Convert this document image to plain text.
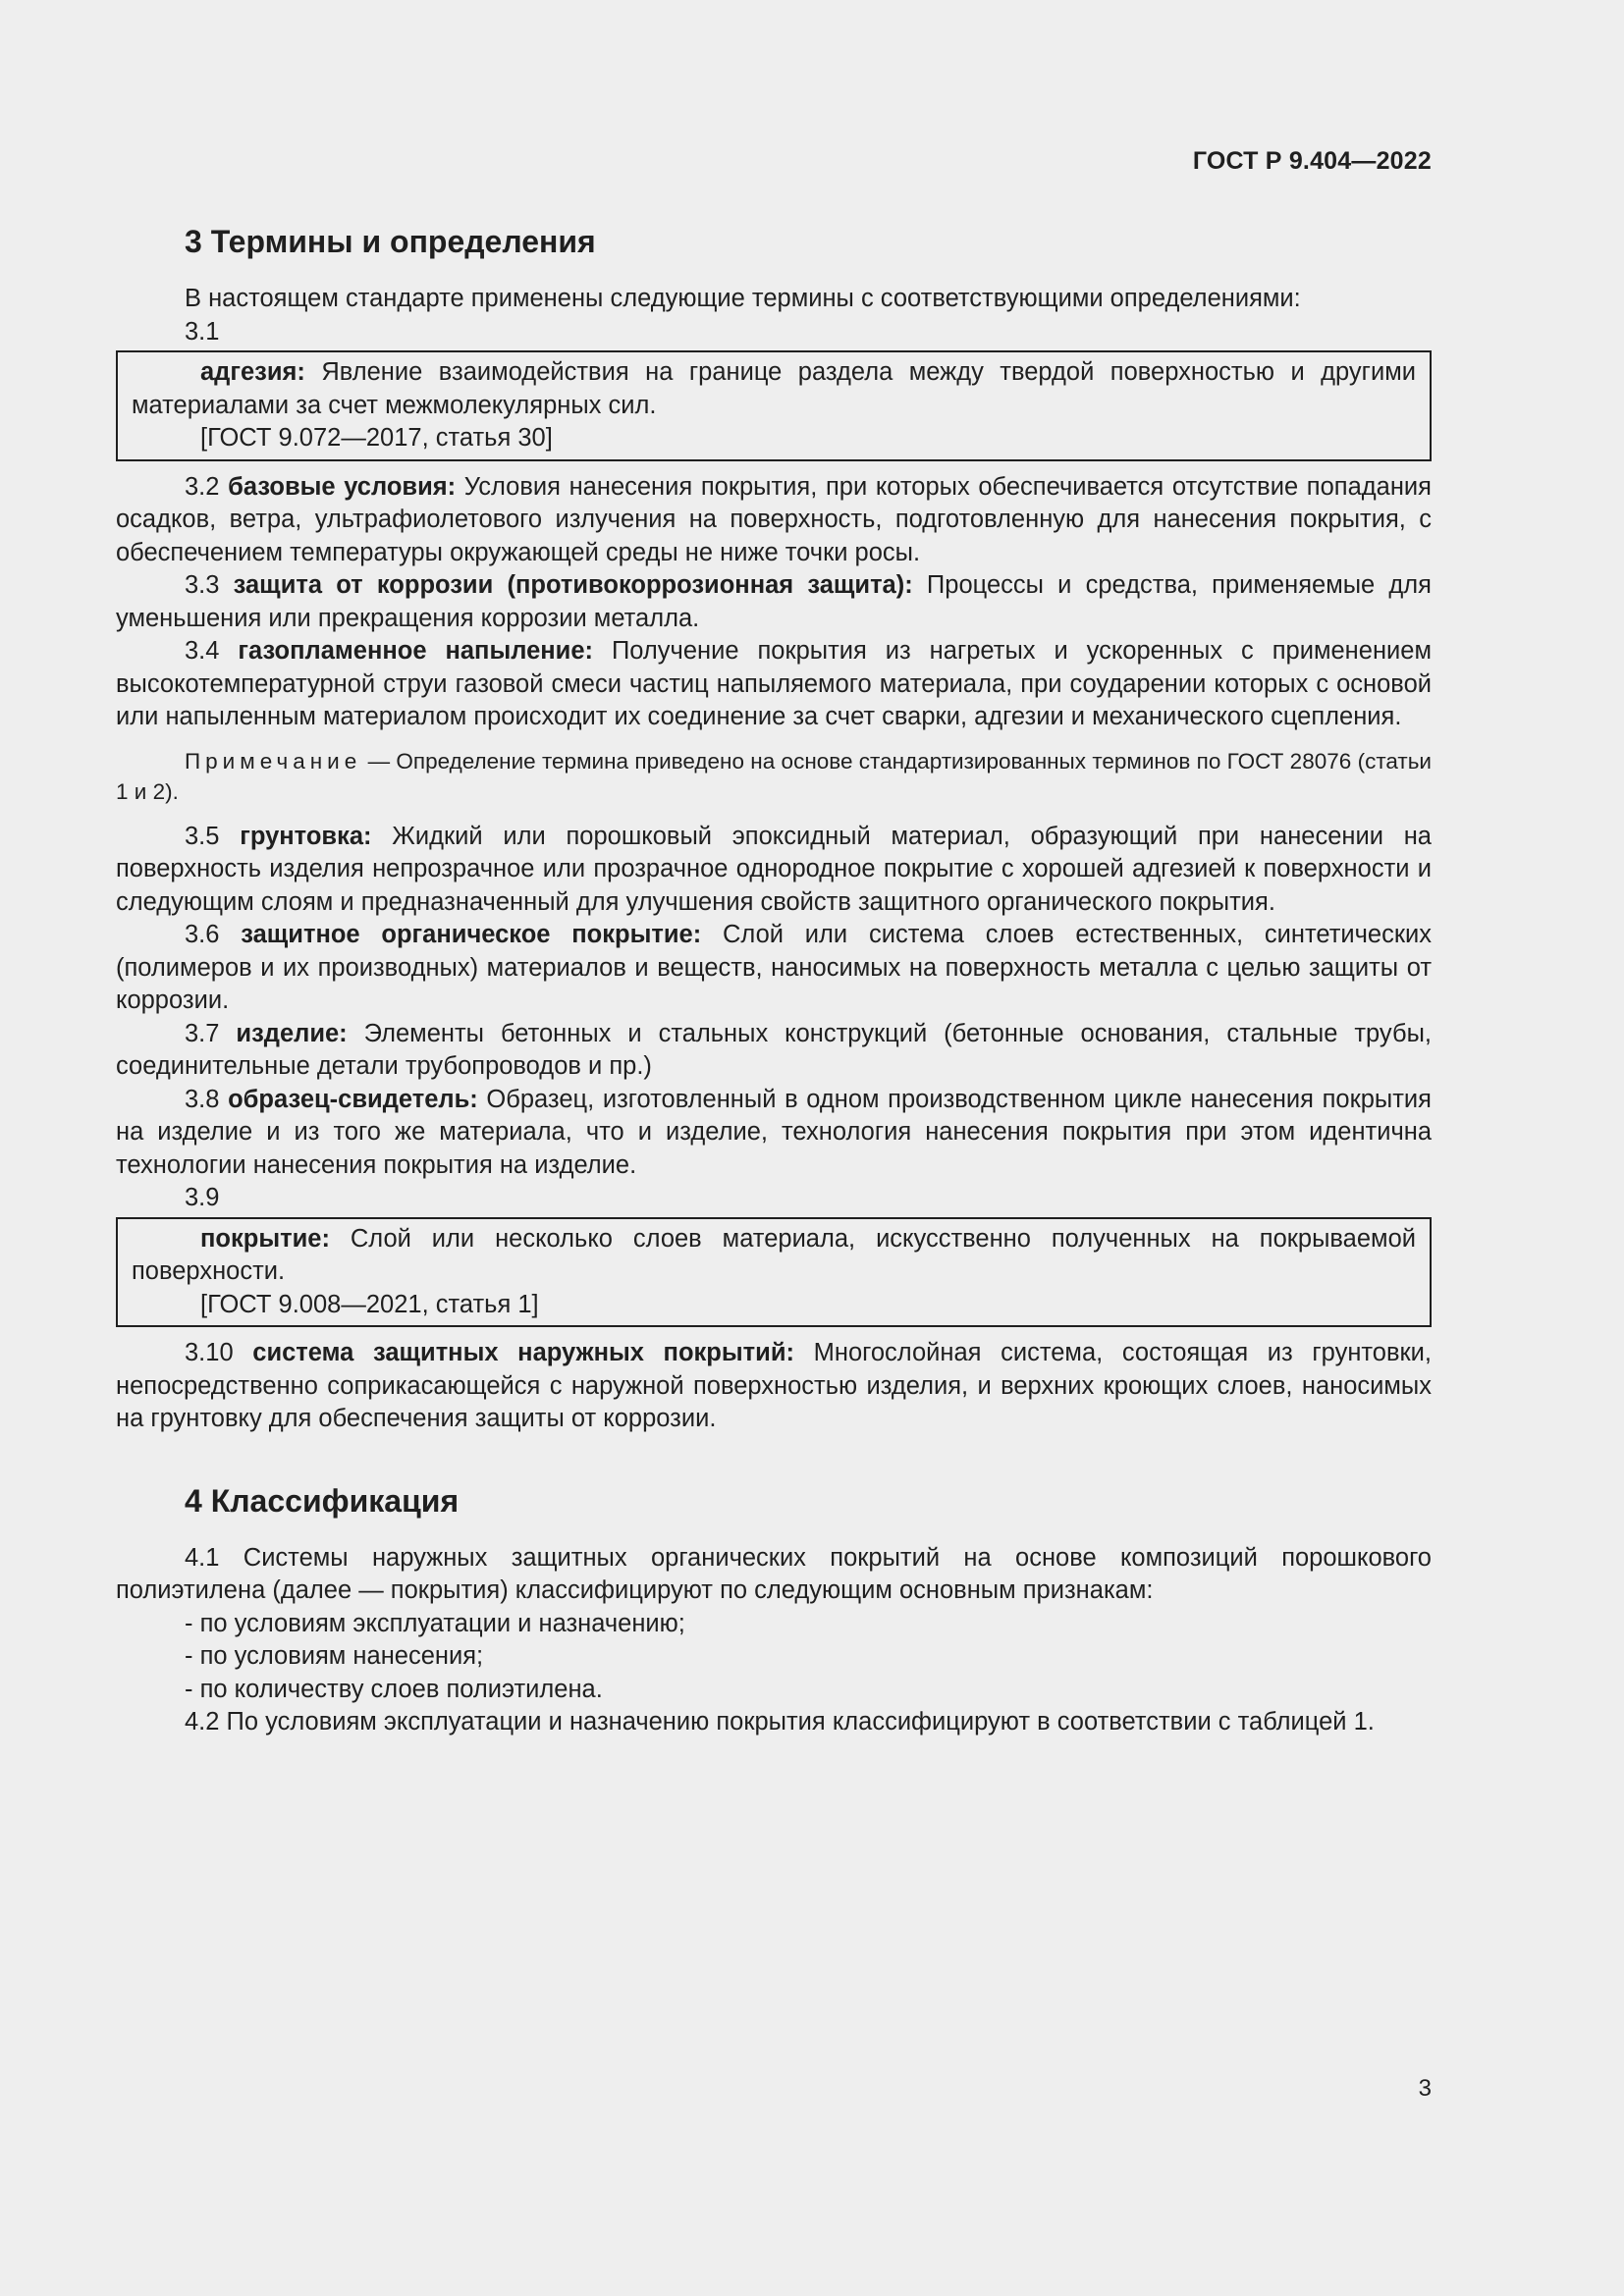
ГОСТ Р 9.404—2022
3 Термины и определения

В настоящем стандарте применены следующие термины с соответствующими определениями:

3.1

адгезия: Явление взаимодействия на границе раздела между твердой поверхностью и другими материалами за счет межмолекулярных сил.

[ГОСТ 9.072—2017, статья 30]

3.2 базовые условия: Условия нанесения покрытия, при которых обеспечивается отсутствие попадания осадков, ветра, ультрафиолетового излучения на поверхность, подготовленную для нанесения покрытия, с обеспечением температуры окружающей среды не ниже точки росы.

3.3 защита от коррозии (противокоррозионная защита): Процессы и средства, применяемые для уменьшения или прекращения коррозии металла.

3.4 газопламенное напыление: Получение покрытия из нагретых и ускоренных с применением высокотемпературной струи газовой смеси частиц напыляемого материала, при соударении которых с основой или напыленным материалом происходит их соединение за счет сварки, адгезии и механического сцепления.

Примечание — Определение термина приведено на основе стандартизированных терминов по ГОСТ 28076 (статьи 1 и 2).

3.5 грунтовка: Жидкий или порошковый эпоксидный материал, образующий при нанесении на поверхность изделия непрозрачное или прозрачное однородное покрытие с хорошей адгезией к поверхности и следующим слоям и предназначенный для улучшения свойств защитного органического покрытия.

3.6 защитное органическое покрытие: Слой или система слоев естественных, синтетических (полимеров и их производных) материалов и веществ, наносимых на поверхность металла с целью защиты от коррозии.

3.7 изделие: Элементы бетонных и стальных конструкций (бетонные основания, стальные трубы, соединительные детали трубопроводов и пр.)

3.8 образец-свидетель: Образец, изготовленный в одном производственном цикле нанесения покрытия на изделие и из того же материала, что и изделие, технология нанесения покрытия при этом идентична технологии нанесения покрытия на изделие.

3.9

покрытие: Слой или несколько слоев материала, искусственно полученных на покрываемой поверхности.

[ГОСТ 9.008—2021, статья 1]

3.10 система защитных наружных покрытий: Многослойная система, состоящая из грунтовки, непосредственно соприкасающейся с наружной поверхностью изделия, и верхних кроющих слоев, наносимых на грунтовку для обеспечения защиты от коррозии.

4 Классификация

4.1 Системы наружных защитных органических покрытий на основе композиций порошкового полиэтилена (далее — покрытия) классифицируют по следующим основным признакам:

- по условиям эксплуатации и назначению;

- по условиям нанесения;

- по количеству слоев полиэтилена.

4.2 По условиям эксплуатации и назначению покрытия классифицируют в соответствии с таблицей 1.

3
